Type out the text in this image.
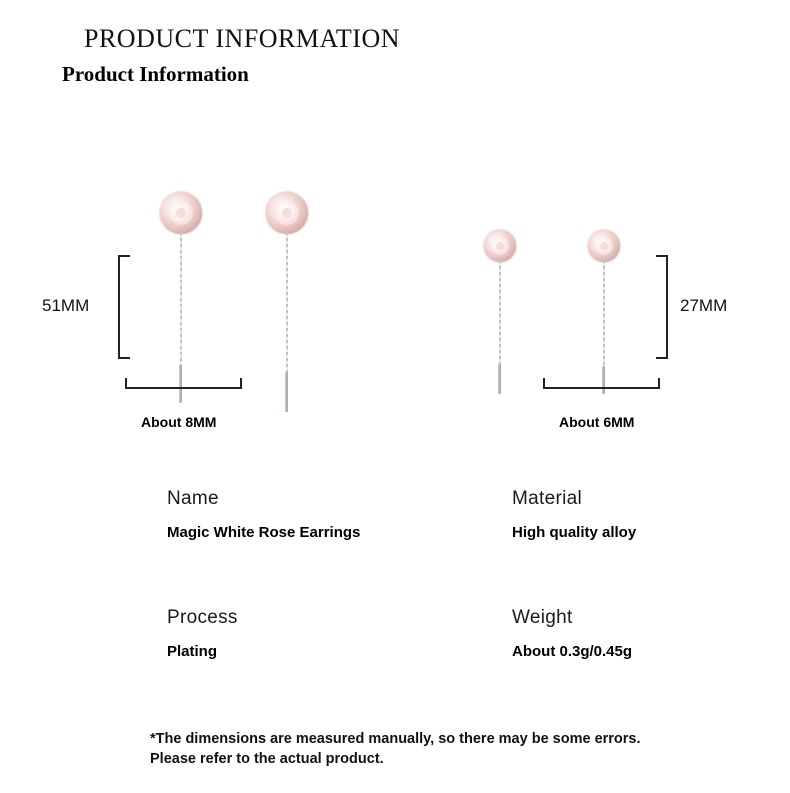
PRODUCT INFORMATION
Product Information
51MM
About 8MM
27MM
About 6MM
Name
Magic White Rose Earrings
Material
High quality alloy
Process
Plating
Weight
About 0.3g/0.45g
*The dimensions are measured manually, so there may be some errors.
Please refer to the actual product.
